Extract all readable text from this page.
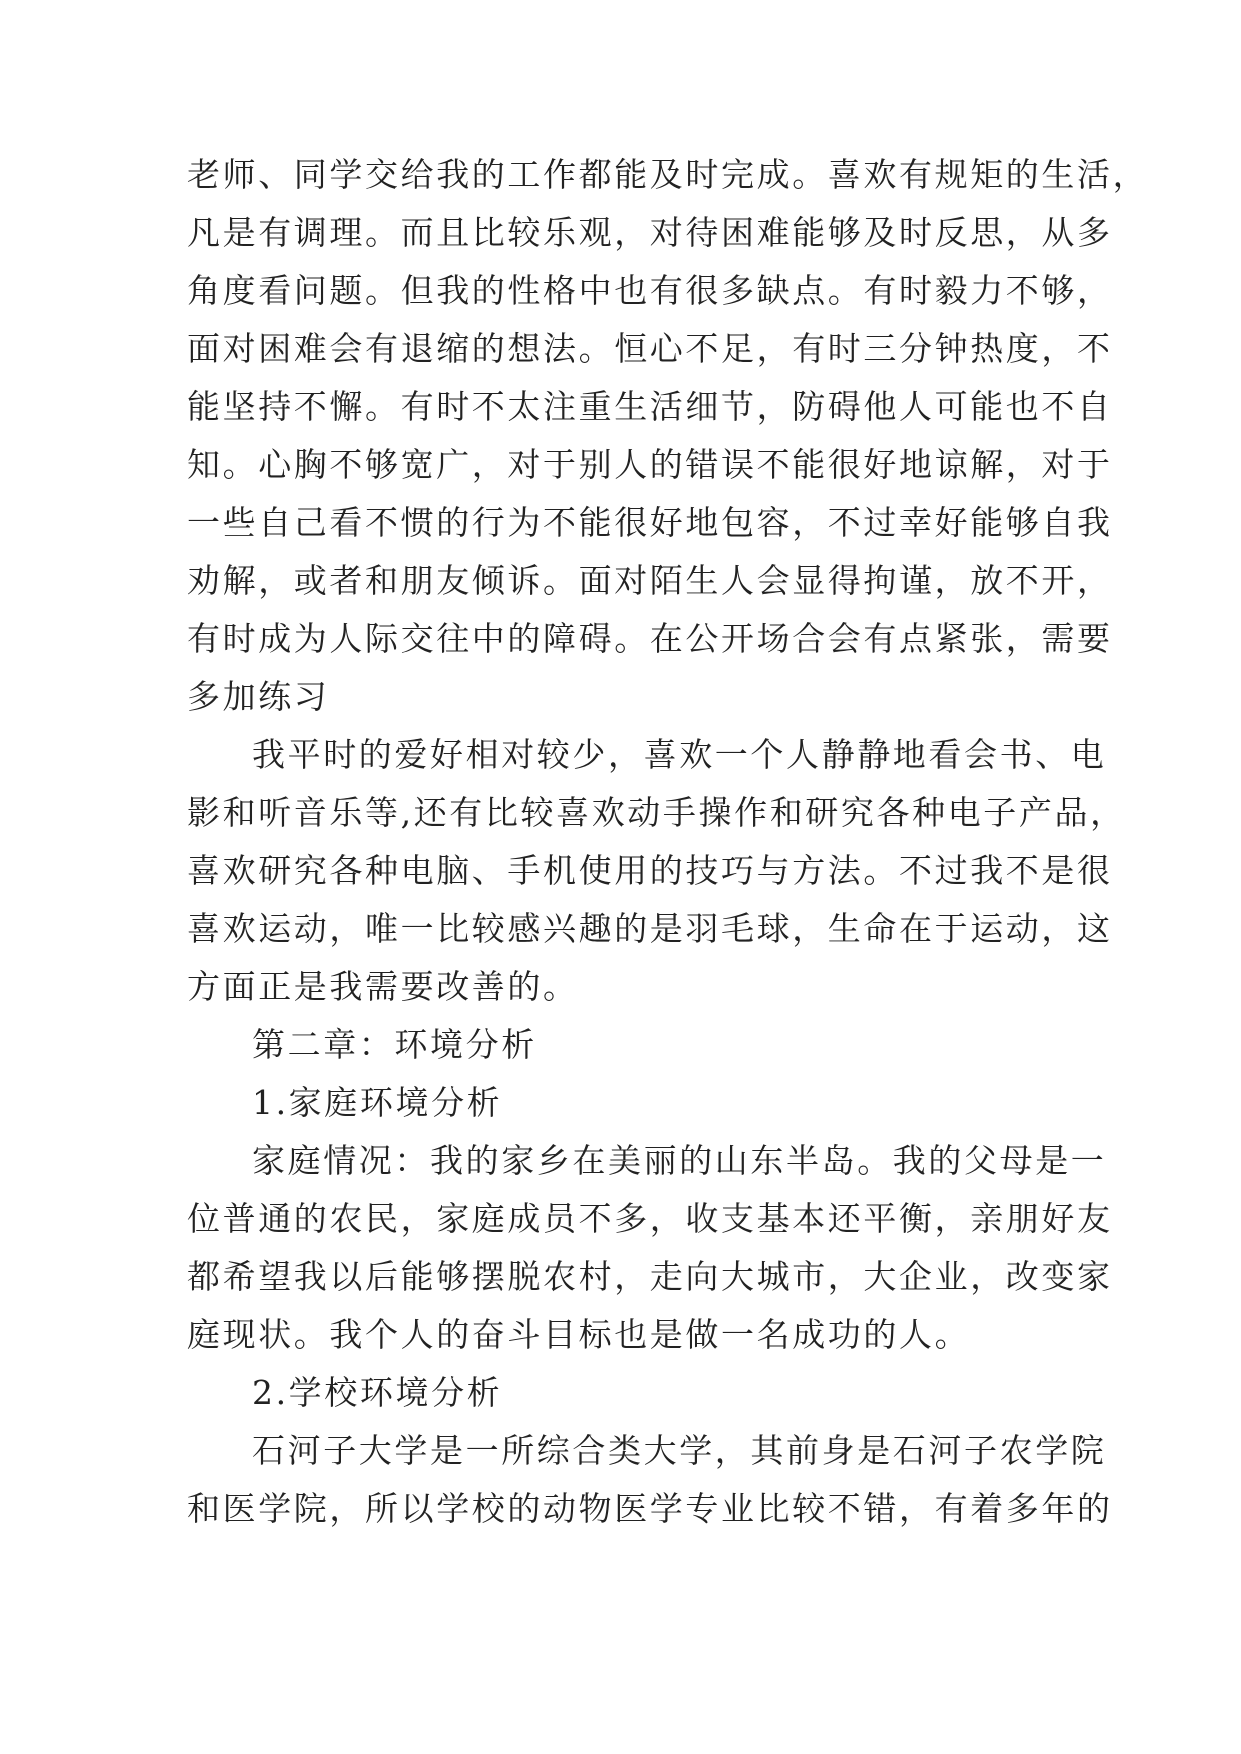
老师、同学交给我的工作都能及时完成。喜欢有规矩的生活，
凡是有调理。而且比较乐观，对待困难能够及时反思，从多
角度看问题。但我的性格中也有很多缺点。有时毅力不够，
面对困难会有退缩的想法。恒心不足，有时三分钟热度，不
能坚持不懈。有时不太注重生活细节，防碍他人可能也不自
知。心胸不够宽广，对于别人的错误不能很好地谅解，对于
一些自己看不惯的行为不能很好地包容，不过幸好能够自我
劝解，或者和朋友倾诉。面对陌生人会显得拘谨，放不开，
有时成为人际交往中的障碍。在公开场合会有点紧张，需要
多加练习
我平时的爱好相对较少，喜欢一个人静静地看会书、电
影和听音乐等,还有比较喜欢动手操作和研究各种电子产品，
喜欢研究各种电脑、手机使用的技巧与方法。不过我不是很
喜欢运动，唯一比较感兴趣的是羽毛球，生命在于运动，这
方面正是我需要改善的。
第二章：环境分析
1.家庭环境分析
家庭情况：我的家乡在美丽的山东半岛。我的父母是一
位普通的农民，家庭成员不多，收支基本还平衡，亲朋好友
都希望我以后能够摆脱农村，走向大城市，大企业，改变家
庭现状。我个人的奋斗目标也是做一名成功的人。
2.学校环境分析
石河子大学是一所综合类大学，其前身是石河子农学院
和医学院，所以学校的动物医学专业比较不错，有着多年的
